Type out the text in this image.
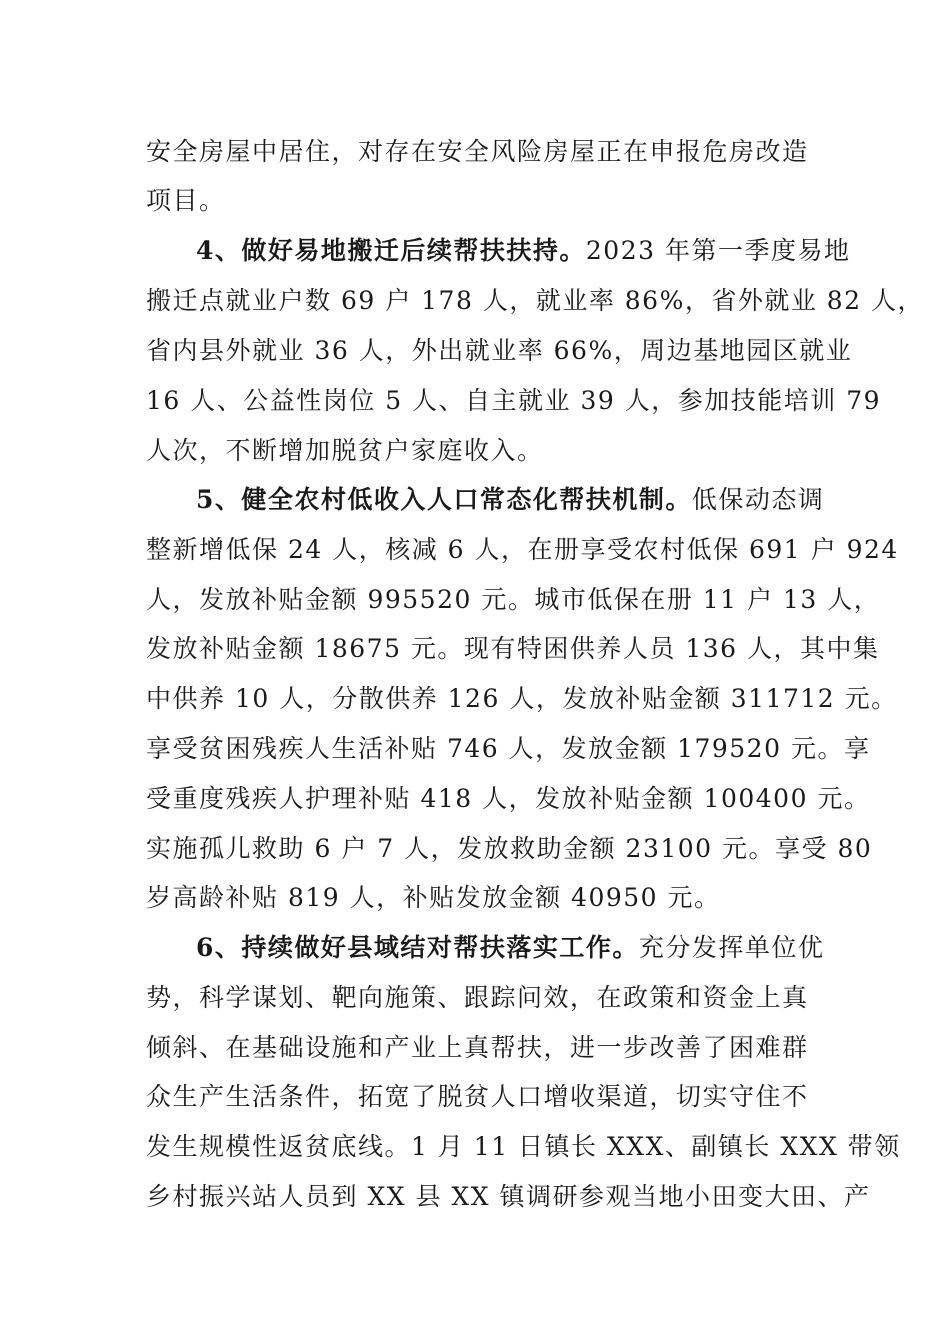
安全房屋中居住，对存在安全风险房屋正在申报危房改造
项目。
4、做好易地搬迁后续帮扶扶持。2023 年第一季度易地
搬迁点就业户数 69 户 178 人，就业率 86%，省外就业 82 人，
省内县外就业 36 人，外出就业率 66%，周边基地园区就业
16 人、公益性岗位 5 人、自主就业 39 人，参加技能培训 79
人次，不断增加脱贫户家庭收入。
5、健全农村低收入人口常态化帮扶机制。低保动态调
整新增低保 24 人，核减 6 人，在册享受农村低保 691 户 924
人，发放补贴金额 995520 元。城市低保在册 11 户 13 人，
发放补贴金额 18675 元。现有特困供养人员 136 人，其中集
中供养 10 人，分散供养 126 人，发放补贴金额 311712 元。
享受贫困残疾人生活补贴 746 人，发放金额 179520 元。享
受重度残疾人护理补贴 418 人，发放补贴金额 100400 元。
实施孤儿救助 6 户 7 人，发放救助金额 23100 元。享受 80
岁高龄补贴 819 人，补贴发放金额 40950 元。
6、持续做好县域结对帮扶落实工作。充分发挥单位优
势，科学谋划、靶向施策、跟踪问效，在政策和资金上真
倾斜、在基础设施和产业上真帮扶，进一步改善了困难群
众生产生活条件，拓宽了脱贫人口增收渠道，切实守住不
发生规模性返贫底线。1 月 11 日镇长 XXX、副镇长 XXX 带领
乡村振兴站人员到 XX 县 XX 镇调研参观当地小田变大田、产
